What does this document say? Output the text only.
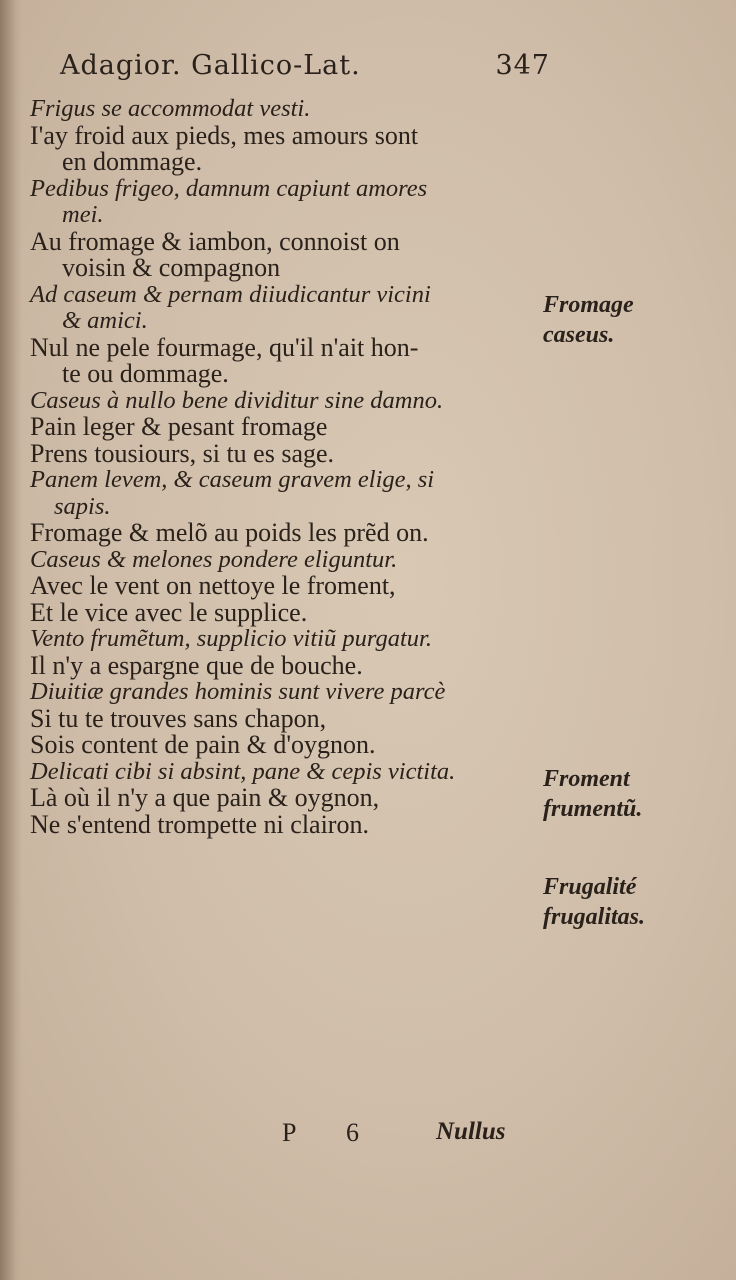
Adagior. Gallico-Lat.	347
Frigus se accommodat vesti.
I'ay froid aux pieds, mes amours sont
en dommage.
Pedibus frigeo, damnum capiunt amores
mei.
Au fromage & iambon, connoist on
voisin & compagnon
Ad caseum & pernam diiudicantur vicini
& amici.
Nul ne pele fourmage, qu'il n'ait hon-
te ou dommage.
Caseus à nullo bene dividitur sine damno.
Pain leger & pesant fromage
Prens tousiours, si tu es sage.
Panem levem, & caseum gravem elige, si
sapis.
Fromage & melõ au poids les prẽd on.
Caseus & melones pondere eliguntur.
Avec le vent on nettoye le froment,
Et le vice avec le supplice.
Vento frumẽtum, supplicio vitiũ purgatur.
Il n'y a espargne que de bouche.
Diuitiæ grandes hominis sunt vivere parcè
Si tu te trouves sans chapon,
Sois content de pain & d'oygnon.
Delicati cibi si absint, pane & cepis victita.
Là où il n'y a que pain & oygnon,
Ne s'entend trompette ni clairon.
Fromage
caseus.
Froment
frumentũ.
Frugalité
frugalitas.
P 6 Nullus
